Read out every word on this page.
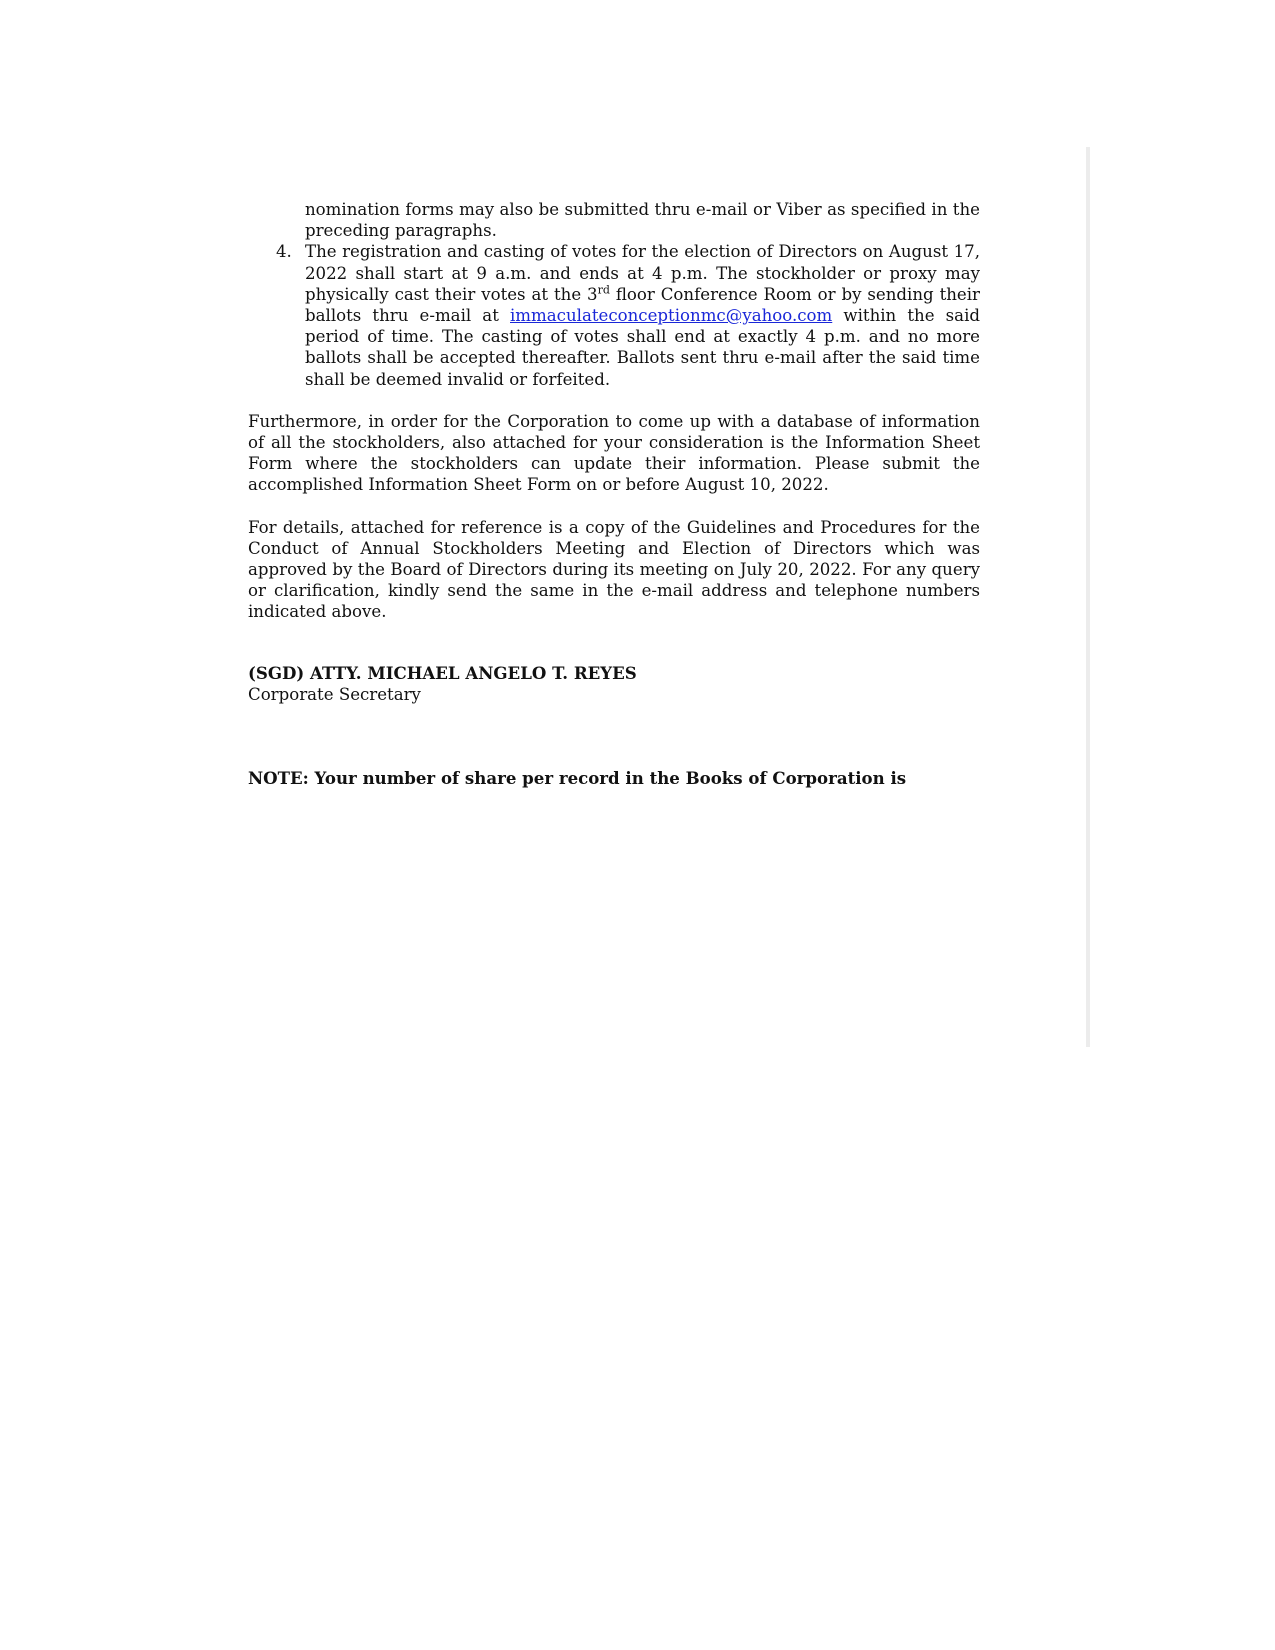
nomination forms may also be submitted thru e-mail or Viber as specified in the preceding paragraphs.

4. The registration and casting of votes for the election of Directors on August 17, 2022 shall start at 9 a.m. and ends at 4 p.m. The stockholder or proxy may physically cast their votes at the 3rd floor Conference Room or by sending their ballots thru e-mail at immaculateconceptionmc@yahoo.com within the said period of time. The casting of votes shall end at exactly 4 p.m. and no more ballots shall be accepted thereafter. Ballots sent thru e-mail after the said time shall be deemed invalid or forfeited.

Furthermore, in order for the Corporation to come up with a database of information of all the stockholders, also attached for your consideration is the Information Sheet Form where the stockholders can update their information. Please submit the accomplished Information Sheet Form on or before August 10, 2022.

For details, attached for reference is a copy of the Guidelines and Procedures for the Conduct of Annual Stockholders Meeting and Election of Directors which was approved by the Board of Directors during its meeting on July 20, 2022. For any query or clarification, kindly send the same in the e-mail address and telephone numbers indicated above.

(SGD) ATTY. MICHAEL ANGELO T. REYES

Corporate Secretary

NOTE: Your number of share per record in the Books of Corporation is
